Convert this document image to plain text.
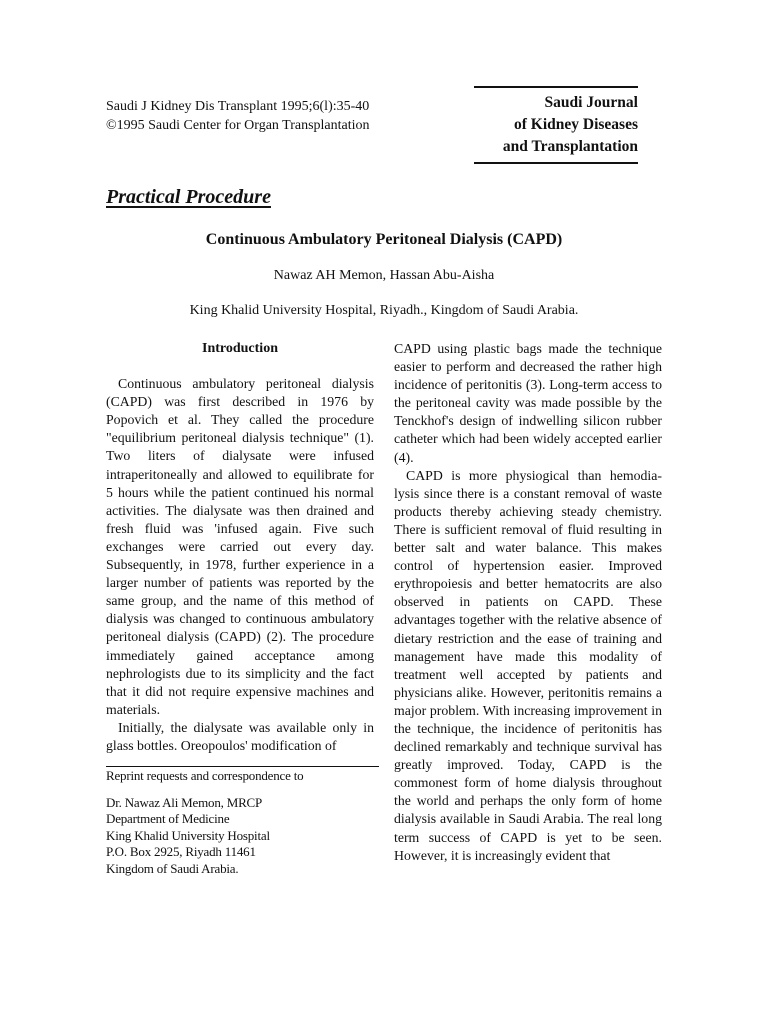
Saudi J Kidney Dis Transplant 1995;6(l):35-40
©1995 Saudi Center for Organ Transplantation
Saudi Journal
of Kidney Diseases
and Transplantation
Practical Procedure
Continuous Ambulatory Peritoneal Dialysis (CAPD)
Nawaz AH Memon, Hassan Abu-Aisha
King Khalid University Hospital, Riyadh., Kingdom of Saudi Arabia.
Introduction

Continuous ambulatory peritoneal dialysis (CAPD) was first described in 1976 by Popovich et al. They called the procedure "equilibrium peritoneal dialysis technique" (1). Two liters of dialysate were infused intraperitoneally and allowed to equilibrate for 5 hours while the patient continued his normal activities. The dialysate was then drained and fresh fluid was 'infused again. Five such exchanges were carried out every day. Subsequently, in 1978, further experience in a larger number of patients was reported by the same group, and the name of this method of dialysis was changed to continuous ambulatory peritoneal dialysis (CAPD) (2). The procedure immediately gained acceptance among nephrologists due to its simplicity and the fact that it did not require expensive machines and materials.

Initially, the dialysate was available only in glass bottles. Oreopoulos' modification of

CAPD using plastic bags made the technique easier to perform and decreased the rather high incidence of peritonitis (3). Long-term access to the peritoneal cavity was made possible by the Tenckhof's design of indwelling silicon rubber catheter which had been widely accepted earlier (4).

CAPD is more physiogical than hemodia-lysis since there is a constant removal of waste products thereby achieving steady chemistry. There is sufficient removal of fluid resulting in better salt and water balance. This makes control of hypertension easier. Improved erythropoiesis and better hematocrits are also observed in patients on CAPD. These advantages together with the relative absence of dietary restriction and the ease of training and management have made this modality of treatment well accepted by patients and physicians alike. However, peritonitis remains a major problem. With increasing improvement in the technique, the incidence of peritonitis has declined remarkably and technique survival has greatly improved. Today, CAPD is the commonest form of home dialysis throughout the world and perhaps the only form of home dialysis available in Saudi Arabia. The real long term success of CAPD is yet to be seen. However, it is increasingly evident that

Reprint requests and correspondence to
Dr. Nawaz Ali Memon, MRCP
Department of Medicine
King Khalid University Hospital
P.O. Box 2925, Riyadh 11461
Kingdom of Saudi Arabia.
